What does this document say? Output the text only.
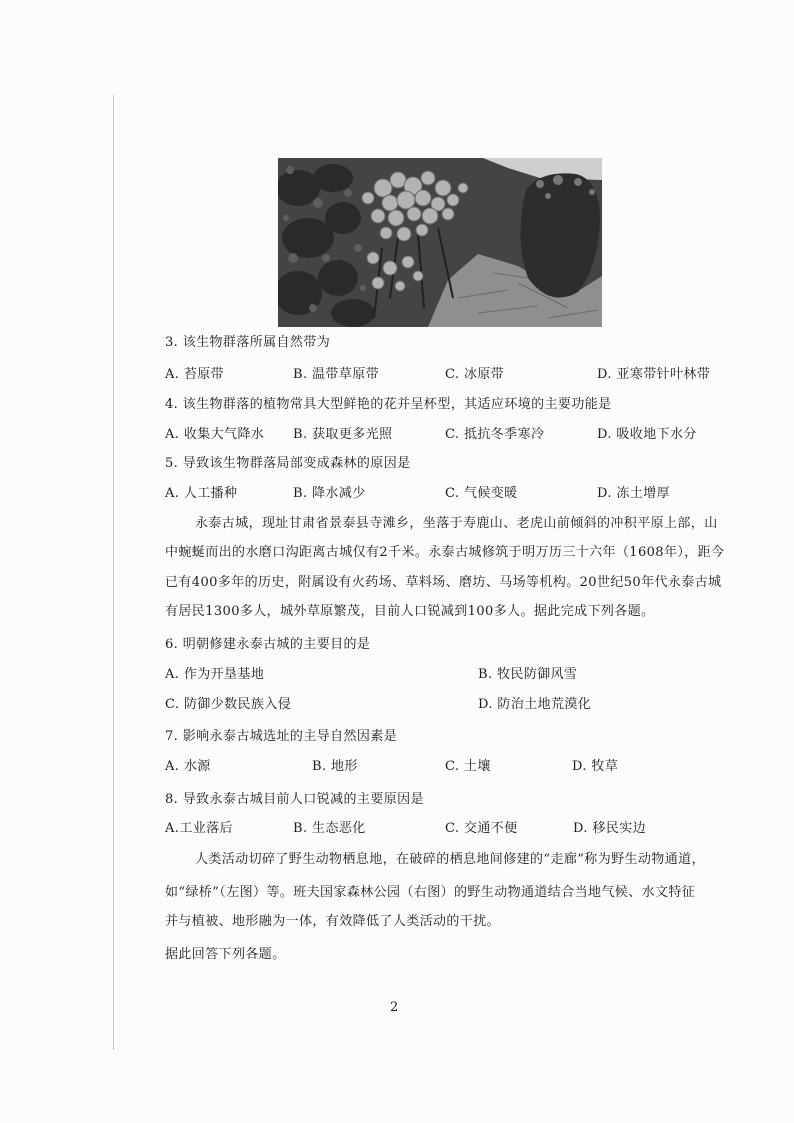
3. 该生物群落所属自然带为
A. 苔原带	B. 温带草原带	C. 冰原带	D. 亚寒带针叶林带
4. 该生物群落的植物常具大型鲜艳的花并呈杯型，其适应环境的主要功能是
A. 收集大气降水 B. 获取更多光照	C. 抵抗冬季寒冷	D. 吸收地下水分
5. 导致该生物群落局部变成森林的原因是
A. 人工播种	B. 降水减少	C. 气候变暖	D. 冻土增厚
永泰古城，现址甘肃省景泰县寺滩乡，坐落于寿鹿山、老虎山前倾斜的冲积平原上部，山
中蜿蜒而出的水磨口沟距离古城仅有2千米。永泰古城修筑于明万历三十六年（1608年），距今
已有400多年的历史，附属设有火药场、草料场、磨坊、马场等机构。20世纪50年代永泰古城
有居民1300多人，城外草原繁茂，目前人口锐减到100多人。据此完成下列各题。
6. 明朝修建永泰古城的主要目的是
A. 作为开垦基地	B. 牧民防御风雪
C. 防御少数民族入侵	D. 防治土地荒漠化
7. 影响永泰古城选址的主导自然因素是
A. 水源	B. 地形	C. 土壤	D. 牧草
8. 导致永泰古城目前人口锐减的主要原因是
A.工业落后	B. 生态恶化	C. 交通不便	D. 移民实边
人类活动切碎了野生动物栖息地，在破碎的栖息地间修建的“走廊”称为野生动物通道，
如“绿桥”（左图）等。班夫国家森林公园（右图）的野生动物通道结合当地气候、水文特征
并与植被、地形融为一体，有效降低了人类活动的干扰。
据此回答下列各题。
2
